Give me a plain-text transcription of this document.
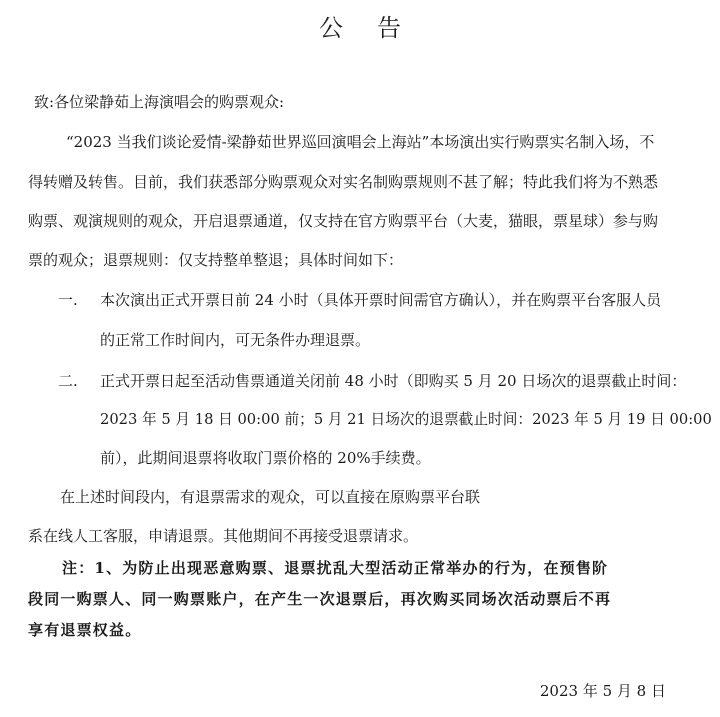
公告
致:各位梁静茹上海演唱会的购票观众:
“2023 当我们谈论爱情-梁静茹世界巡回演唱会上海站”本场演出实行购票实名制入场，不
得转赠及转售。目前，我们获悉部分购票观众对实名制购票规则不甚了解；特此我们将为不熟悉
购票、观演规则的观众，开启退票通道，仅支持在官方购票平台（大麦，猫眼，票星球）参与购
票的观众；退票规则：仅支持整单整退；具体时间如下：
一. 本次演出正式开票日前 24 小时（具体开票时间需官方确认），并在购票平台客服人员
的正常工作时间内，可无条件办理退票。
二. 正式开票日起至活动售票通道关闭前 48 小时（即购买 5 月 20 日场次的退票截止时间：
2023 年 5 月 18 日 00:00 前；5 月 21 日场次的退票截止时间：2023 年 5 月 19 日 00:00
前），此期间退票将收取门票价格的 20%手续费。
在上述时间段内，有退票需求的观众，可以直接在原购票平台联
系在线人工客服，申请退票。其他期间不再接受退票请求。
注：1、为防止出现恶意购票、退票扰乱大型活动正常举办的行为，在预售阶
段同一购票人、同一购票账户，在产生一次退票后，再次购买同场次活动票后不再
享有退票权益。
2023 年 5 月 8 日
